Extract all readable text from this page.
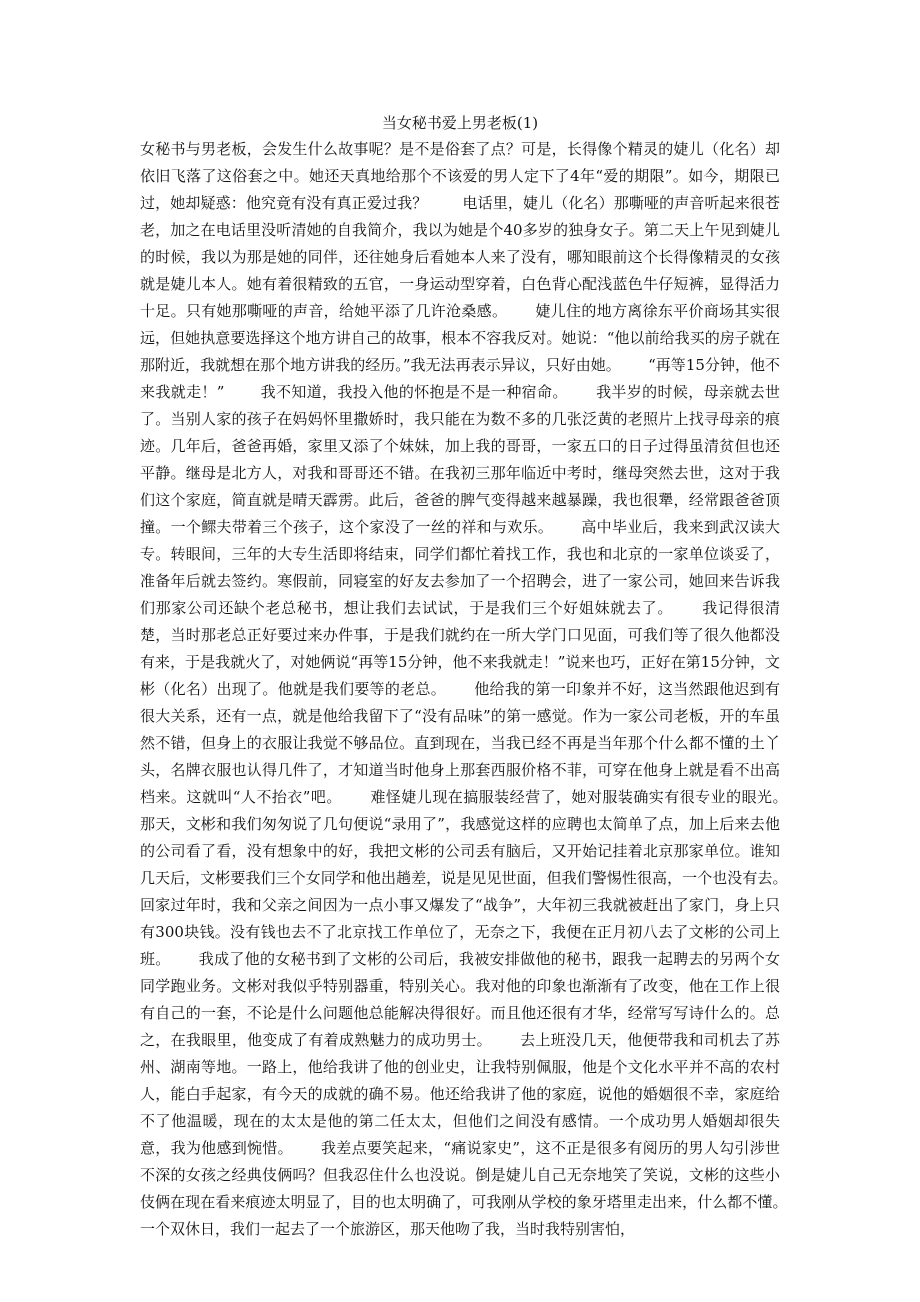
当女秘书爱上男老板(1)

女秘书与男老板，会发生什么故事呢？是不是俗套了点？可是，长得像个精灵的婕儿（化名）却依旧飞落了这俗套之中。她还天真地给那个不该爱的男人定下了4年“爱的期限”。如今，期限已过，她却疑惑：他究竟有没有真正爱过我？　　 电话里，婕儿（化名）那嘶哑的声音听起来很苍老，加之在电话里没听清她的自我简介，我以为她是个40多岁的独身女子。第二天上午见到婕儿的时候，我以为那是她的同伴，还往她身后看她本人来了没有，哪知眼前这个长得像精灵的女孩就是婕儿本人。她有着很精致的五官，一身运动型穿着，白色背心配浅蓝色牛仔短裤，显得活力十足。只有她那嘶哑的声音，给她平添了几许沧桑感。　　 婕儿住的地方离徐东平价商场其实很远，但她执意要选择这个地方讲自己的故事，根本不容我反对。她说：“他以前给我买的房子就在那附近，我就想在那个地方讲我的经历。”我无法再表示异议，只好由她。　　 “再等15分钟，他不来我就走！”　　 我不知道，我投入他的怀抱是不是一种宿命。　　 我半岁的时候，母亲就去世了。当别人家的孩子在妈妈怀里撒娇时，我只能在为数不多的几张泛黄的老照片上找寻母亲的痕迹。几年后，爸爸再婚，家里又添了个妹妹，加上我的哥哥，一家五口的日子过得虽清贫但也还平静。继母是北方人，对我和哥哥还不错。在我初三那年临近中考时，继母突然去世，这对于我们这个家庭，简直就是晴天霹雳。此后，爸爸的脾气变得越来越暴躁，我也很犟，经常跟爸爸顶撞。一个鳏夫带着三个孩子，这个家没了一丝的祥和与欢乐。　　 高中毕业后，我来到武汉读大专。转眼间，三年的大专生活即将结束，同学们都忙着找工作，我也和北京的一家单位谈妥了，准备年后就去签约。寒假前，同寝室的好友去参加了一个招聘会，进了一家公司，她回来告诉我们那家公司还缺个老总秘书，想让我们去试试，于是我们三个好姐妹就去了。　　 我记得很清楚，当时那老总正好要过来办件事，于是我们就约在一所大学门口见面，可我们等了很久他都没有来，于是我就火了，对她俩说“再等15分钟，他不来我就走！”说来也巧，正好在第15分钟，文彬（化名）出现了。他就是我们要等的老总。　　 他给我的第一印象并不好，这当然跟他迟到有很大关系，还有一点，就是他给我留下了“没有品味”的第一感觉。作为一家公司老板，开的车虽然不错，但身上的衣服让我觉不够品位。直到现在，当我已经不再是当年那个什么都不懂的土丫头，名牌衣服也认得几件了，才知道当时他身上那套西服价格不菲，可穿在他身上就是看不出高档来。这就叫“人不抬衣”吧。　　 难怪婕儿现在搞服装经营了，她对服装确实有很专业的眼光。　　 那天，文彬和我们匆匆说了几句便说“录用了”，我感觉这样的应聘也太简单了点，加上后来去他的公司看了看，没有想象中的好，我把文彬的公司丢有脑后，又开始记挂着北京那家单位。谁知几天后，文彬要我们三个女同学和他出趟差，说是见见世面，但我们警惕性很高，一个也没有去。　　 回家过年时，我和父亲之间因为一点小事又爆发了“战争”，大年初三我就被赶出了家门，身上只有300块钱。没有钱也去不了北京找工作单位了，无奈之下，我便在正月初八去了文彬的公司上班。　　 我成了他的女秘书到了文彬的公司后，我被安排做他的秘书，跟我一起聘去的另两个女同学跑业务。文彬对我似乎特别器重，特别关心。我对他的印象也渐渐有了改变，他在工作上很有自己的一套，不论是什么问题他总能解决得很好。而且他还很有才华，经常写写诗什么的。总之，在我眼里，他变成了有着成熟魅力的成功男士。　　 去上班没几天，他便带我和司机去了苏州、湖南等地。一路上，他给我讲了他的创业史，让我特别佩服，他是个文化水平并不高的农村人，能白手起家，有今天的成就的确不易。他还给我讲了他的家庭，说他的婚姻很不幸，家庭给不了他温暖，现在的太太是他的第二任太太，但他们之间没有感情。一个成功男人婚姻却很失意，我为他感到惋惜。　　 我差点要笑起来，“痛说家史”，这不正是很多有阅历的男人勾引涉世不深的女孩之经典伎俩吗？但我忍住什么也没说。倒是婕儿自己无奈地笑了笑说，文彬的这些小伎俩在现在看来痕迹太明显了，目的也太明确了，可我刚从学校的象牙塔里走出来，什么都不懂。　　 一个双休日，我们一起去了一个旅游区，那天他吻了我，当时我特别害怕，
